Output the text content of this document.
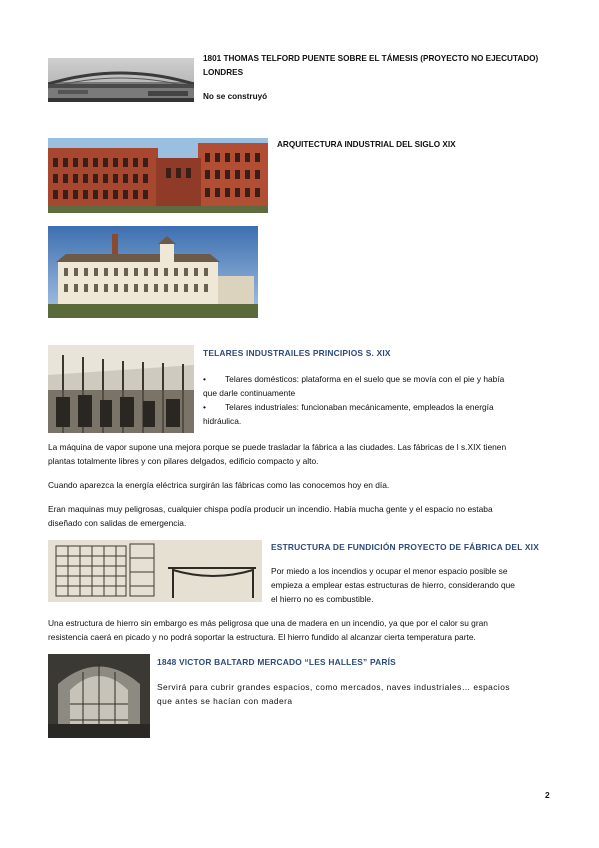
1801 THOMAS TELFORD PUENTE SOBRE EL TÁMESIS (PROYECTO NO EJECUTADO)
LONDRES
No se construyó
ARQUITECTURA INDUSTRIAL DEL SIGLO XIX
TELARES INDUSTRAILES PRINCIPIOS S. XIX
• Telares domésticos: plataforma en el suelo que se movía con el pie y había
que darle continuamente
• Telares industriales: funcionaban mecánicamente, empleados la energía
hidráulica.
La máquina de vapor supone una mejora porque se puede trasladar la fábrica a las ciudades. Las fábricas de l s.XIX tienen
plantas totalmente libres y con pilares delgados, edificio compacto y alto.
Cuando aparezca la energía eléctrica surgirán las fábricas como las conocemos hoy en día.
Eran maquinas muy peligrosas, cualquier chispa podía producir un incendio. Había mucha gente y el espacio no estaba
diseñado con salidas de emergencia.
ESTRUCTURA DE FUNDICIÓN PROYECTO DE FÁBRICA DEL XIX
Por miedo a los incendios y ocupar el menor espacio posible se
empieza a emplear estas estructuras de hierro, considerando que
el hierro no es combustible.
Una estructura de hierro sin embargo es más peligrosa que una de madera en un incendio, ya que por el calor su gran
resistencia caerá en picado y no podrá soportar la estructura. El hierro fundido al alcanzar cierta temperatura parte.
1848 VICTOR BALTARD MERCADO “LES HALLES” PARÍS
Servirá para cubrir grandes espacios, como mercados, naves industriales… espacios
que antes se hacían con madera
2
